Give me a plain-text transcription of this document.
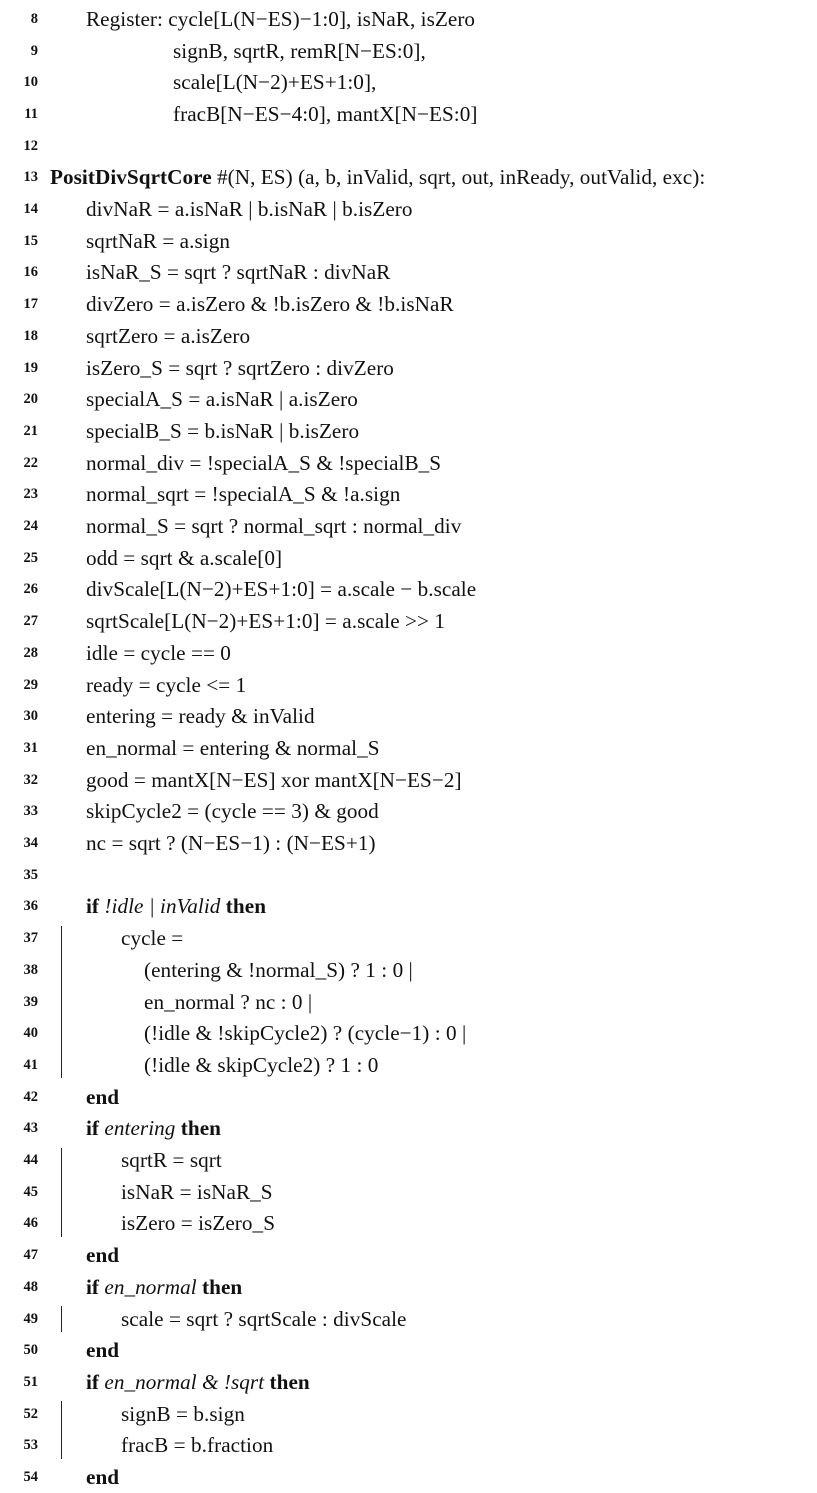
8 Register: cycle[L(N−ES)−1:0], isNaR, isZero
9	signB, sqrtR, remR[N−ES:0],
10	scale[L(N−2)+ES+1:0],
11	fracB[N−ES−4:0], mantX[N−ES:0]
12
13 PositDivSqrtCore #(N, ES) (a, b, inValid, sqrt, out, inReady, outValid, exc):
14 divNaR = a.isNaR | b.isNaR | b.isZero
15 sqrtNaR = a.sign
16 isNaR_S = sqrt ? sqrtNaR : divNaR
17 divZero = a.isZero & !b.isZero & !b.isNaR
18 sqrtZero = a.isZero
19 isZero_S = sqrt ? sqrtZero : divZero
20 specialA_S = a.isNaR | a.isZero
21 specialB_S = b.isNaR | b.isZero
22 normal_div = !specialA_S & !specialB_S
23 normal_sqrt = !specialA_S & !a.sign
24 normal_S = sqrt ? normal_sqrt : normal_div
25 odd = sqrt & a.scale[0]
26 divScale[L(N−2)+ES+1:0] = a.scale − b.scale
27 sqrtScale[L(N−2)+ES+1:0] = a.scale >> 1
28 idle = cycle == 0
29 ready = cycle <= 1
30 entering = ready & inValid
31 en_normal = entering & normal_S
32 good = mantX[N−ES] xor mantX[N−ES−2]
33 skipCycle2 = (cycle == 3) & good
34 nc = sqrt ? (N−ES−1) : (N−ES+1)
35
36 if !idle | inValid then
37	cycle =
38	(entering & !normal_S) ? 1 : 0 |
39	en_normal ? nc : 0 |
40	(!idle & !skipCycle2) ? (cycle−1) : 0 |
41	(!idle & skipCycle2) ? 1 : 0
42 end
43 if entering then
44	sqrtR = sqrt
45	isNaR = isNaR_S
46	isZero = isZero_S
47 end
48 if en_normal then
49	scale = sqrt ? sqrtScale : divScale
50 end
51 if en_normal & !sqrt then
52	signB = b.sign
53	fracB = b.fraction
54 end
